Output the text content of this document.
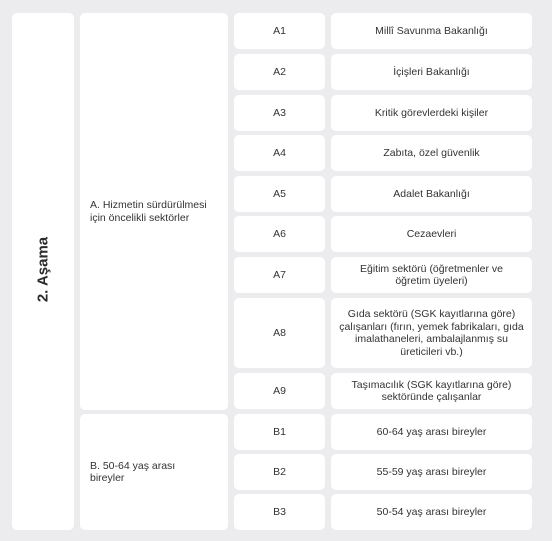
2. Aşama
A. Hizmetin sürdürülmesi için öncelikli sektörler
B. 50-64 yaş arası bireyler
A1
A2
A3
A4
A5
A6
A7
A8
A9
B1
B2
B3
Millî Savunma Bakanlığı
İçişleri Bakanlığı
Kritik görevlerdeki kişiler
Zabıta, özel güvenlik
Adalet Bakanlığı
Cezaevleri
Eğitim sektörü (öğretmenler ve öğretim üyeleri)
Gıda sektörü (SGK kayıtlarına göre) çalışanları (fırın, yemek fabrikaları, gıda imalathaneleri, ambalajlanmış su üreticileri vb.)
Taşımacılık (SGK kayıtlarına göre) sektöründe çalışanlar
60-64 yaş arası bireyler
55-59 yaş arası bireyler
50-54 yaş arası bireyler
